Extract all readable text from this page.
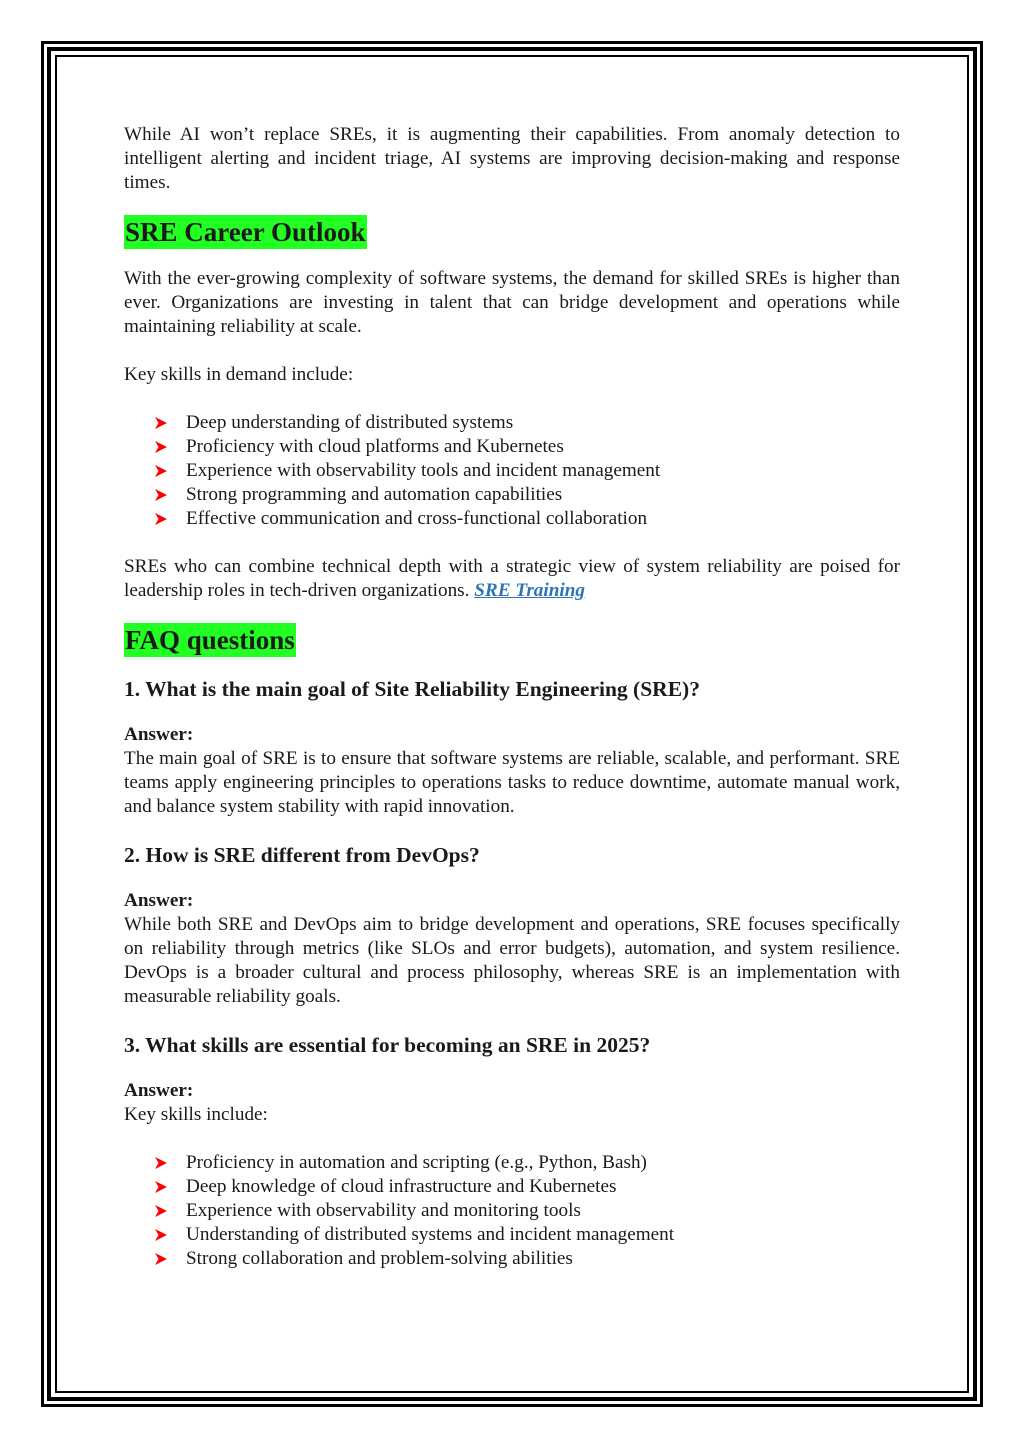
While AI won’t replace SREs, it is augmenting their capabilities. From anomaly detection to intelligent alerting and incident triage, AI systems are improving decision-making and response times.

SRE Career Outlook

With the ever-growing complexity of software systems, the demand for skilled SREs is higher than ever. Organizations are investing in talent that can bridge development and operations while maintaining reliability at scale.

Key skills in demand include:

Deep understanding of distributed systems
Proficiency with cloud platforms and Kubernetes
Experience with observability tools and incident management
Strong programming and automation capabilities
Effective communication and cross-functional collaboration

SREs who can combine technical depth with a strategic view of system reliability are poised for leadership roles in tech-driven organizations. SRE Training

FAQ questions
1. What is the main goal of Site Reliability Engineering (SRE)?
Answer:

The main goal of SRE is to ensure that software systems are reliable, scalable, and performant. SRE teams apply engineering principles to operations tasks to reduce downtime, automate manual work, and balance system stability with rapid innovation.

2. How is SRE different from DevOps?
Answer:

While both SRE and DevOps aim to bridge development and operations, SRE focuses specifically on reliability through metrics (like SLOs and error budgets), automation, and system resilience. DevOps is a broader cultural and process philosophy, whereas SRE is an implementation with measurable reliability goals.

3. What skills are essential for becoming an SRE in 2025?
Answer:

Key skills include:

Proficiency in automation and scripting (e.g., Python, Bash)
Deep knowledge of cloud infrastructure and Kubernetes
Experience with observability and monitoring tools
Understanding of distributed systems and incident management
Strong collaboration and problem-solving abilities
